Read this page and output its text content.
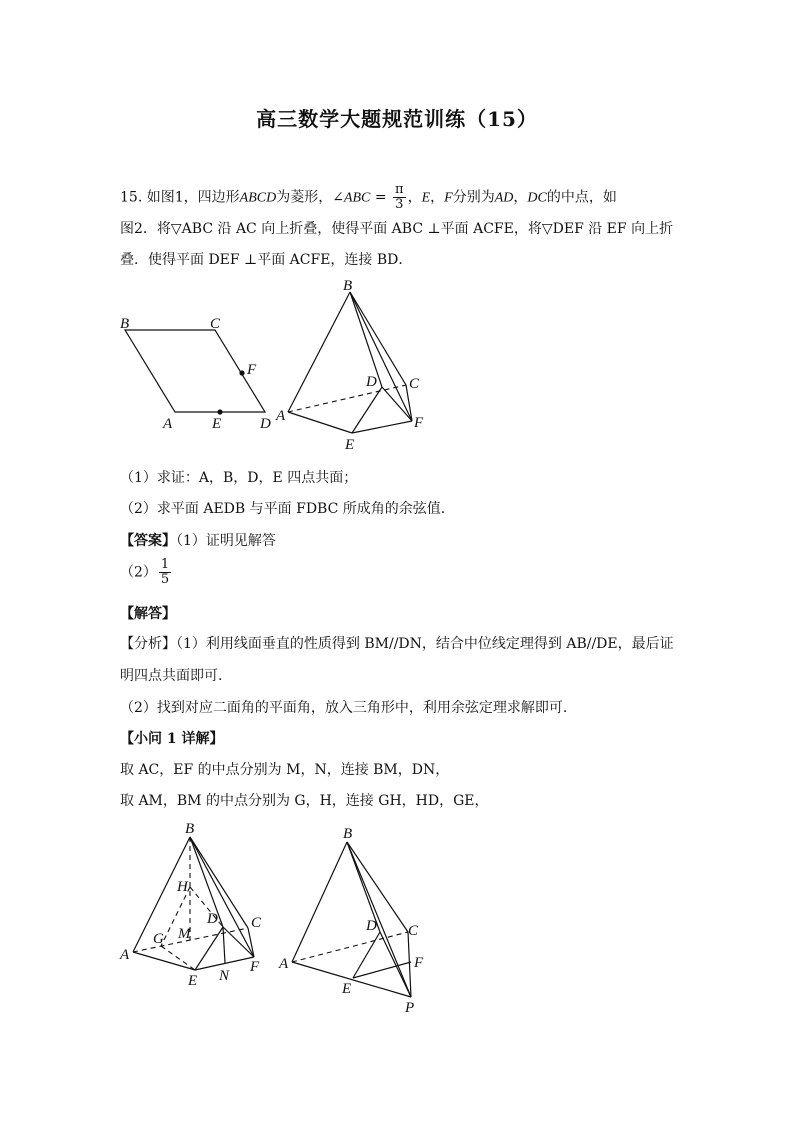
高三数学大题规范训练（15）
15. 如图1，四边形ABCD为菱形，∠ABC = $\frac{\pi}{3}$ ，E，F分别为AD，DC的中点，如
图2．将▽ABC 沿 AC 向上折叠，使得平面 ABC ⊥平面 ACFE，将▽DEF 沿 EF 向上折
叠．使得平面 DEF ⊥平面 ACFE，连接 BD．
B	C
F
A	E	D
B
D C
A	F
E
（1）求证：A，B，D，E 四点共面；
（2）求平面 AEDB 与平面 FDBC 所成角的余弦值.
【答案】（1）证明见解答
$(2) \frac{1}{5}$
【解答】
【分析】（1）利用线面垂直的性质得到 BM//DN，结合中位线定理得到 AB//DE，最后证
明四点共面即可.
（2）找到对应二面角的平面角，放入三角形中，利用余弦定理求解即可.
【小问 1 详解】
取 AC，EF 的中点分别为 M，N，连接 BM，DN，
取 AM，BM 的中点分别为 G，H，连接 GH，HD，GE，
B
H
D C
G M
A
E N
F
B
D C
A	F
E
P
